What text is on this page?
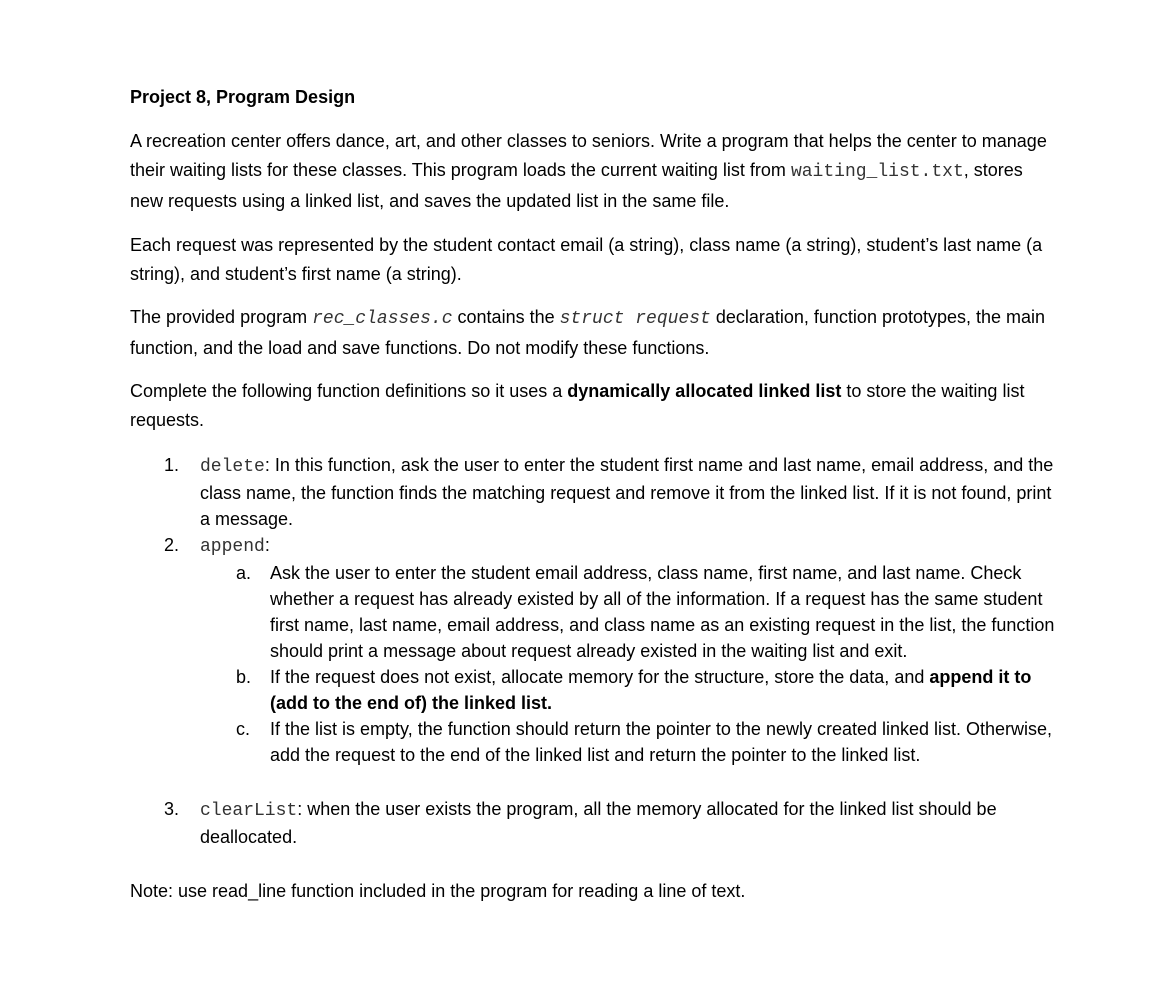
Project 8, Program Design

A recreation center offers dance, art, and other classes to seniors. Write a program that helps the center to manage their waiting lists for these classes. This program loads the current waiting list from waiting_list.txt, stores new requests using a linked list, and saves the updated list in the same file.

Each request was represented by the student contact email (a string), class name (a string), student’s last name (a string), and student’s first name (a string).

The provided program rec_classes.c contains the struct request declaration, function prototypes, the main function, and the load and save functions. Do not modify these functions.

Complete the following function definitions so it uses a dynamically allocated linked list to store the waiting list requests.

1. delete: In this function, ask the user to enter the student first name and last name, email address, and the class name, the function finds the matching request and remove it from the linked list. If it is not found, print a message.
2. append:
a. Ask the user to enter the student email address, class name, first name, and last name. Check whether a request has already existed by all of the information. If a request has the same student first name, last name, email address, and class name as an existing request in the list, the function should print a message about request already existed in the waiting list and exit.
b. If the request does not exist, allocate memory for the structure, store the data, and append it to (add to the end of) the linked list.
c. If the list is empty, the function should return the pointer to the newly created linked list. Otherwise, add the request to the end of the linked list and return the pointer to the linked list.
3. clearList: when the user exists the program, all the memory allocated for the linked list should be deallocated.

Note: use read_line function included in the program for reading a line of text.
